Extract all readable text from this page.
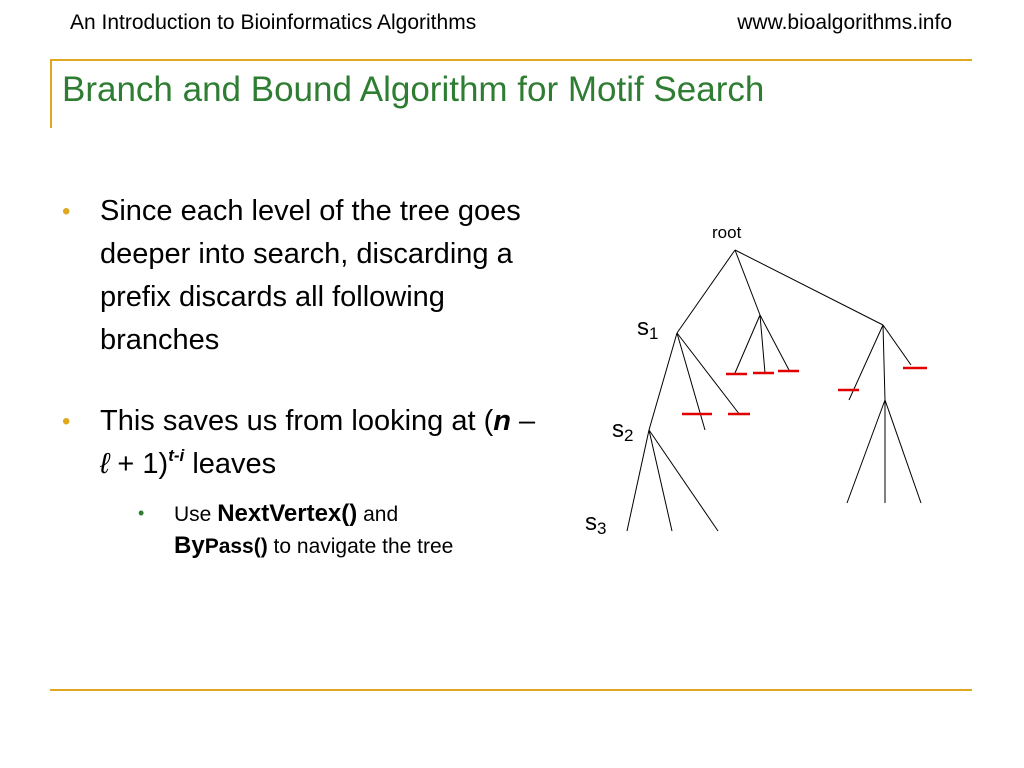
An Introduction to Bioinformatics Algorithms	www.bioalgorithms.info
Branch and Bound Algorithm for Motif Search
• Since each level of the tree goes deeper into search, discarding a prefix discards all following branches
• This saves us from looking at (n – ℓ + 1)$^{t-i}$ leaves
• Use NextVertex() and
ByPass() to navigate the tree
root
s1
s2
s3
